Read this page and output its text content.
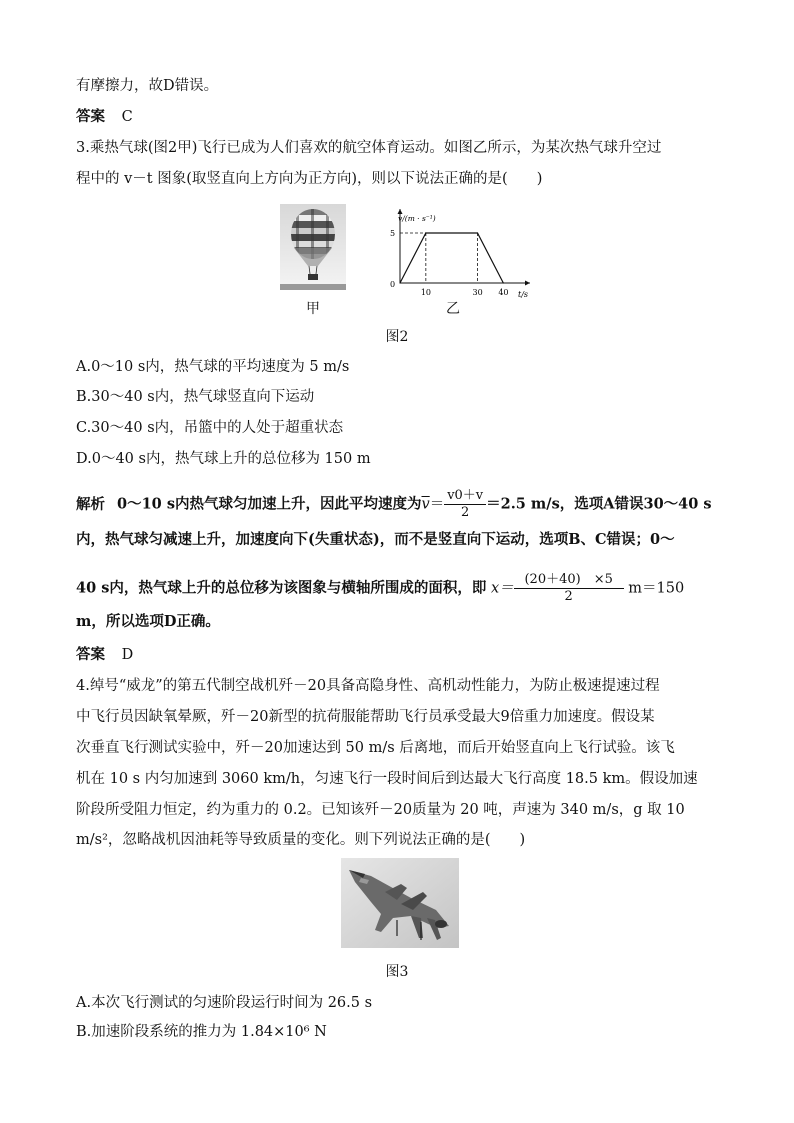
有摩擦力，故D错误。
答案 C
3.乘热气球(图2甲)飞行已成为人们喜欢的航空体育运动。如图乙所示，为某次热气球升空过
程中的 v－t 图象(取竖直向上方向为正方向)，则以下说法正确的是(　　)
甲
v/(m · s⁻¹)
t/s
0
5
10	30 40
乙
图2
A.0～10 s内，热气球的平均速度为 5 m/s
B.30～40 s内，热气球竖直向下运动
C.30～40 s内，吊篮中的人处于超重状态
D.0～40 s内，热气球上升的总位移为 150 m
解析 0～10 s内热气球匀加速上升，因此平均速度为$\overline{v}= \frac{v0+v}{2} =2.5$ m/s，选项A错误30～40 s
内，热气球匀减速上升，加速度向下(失重状态)，而不是竖直向下运动，选项B、C错误；0～
40 s内，热气球上升的总位移为该图象与横轴所围成的面积，即 $x= \frac{(20+40) \times 5}{2} m=150$
m，所以选项D正确。
答案 D
4.绰号“威龙”的第五代制空战机歼－20具备高隐身性、高机动性能力，为防止极速提速过程
中飞行员因缺氧晕厥，歼－20新型的抗荷服能帮助飞行员承受最大9倍重力加速度。假设某
次垂直飞行测试实验中，歼－20加速达到 50 m/s 后离地，而后开始竖直向上飞行试验。该飞
机在 10 s 内匀加速到 3060 km/h，匀速飞行一段时间后到达最大飞行高度 18.5 km。假设加速
阶段所受阻力恒定，约为重力的 0.2。已知该歼－20质量为 20 吨，声速为 340 m/s，g 取 10
m/s²，忽略战机因油耗等导致质量的变化。则下列说法正确的是(　　)
图3
A.本次飞行测试的匀速阶段运行时间为 26.5 s
B.加速阶段系统的推力为 1.84×10⁶ N
